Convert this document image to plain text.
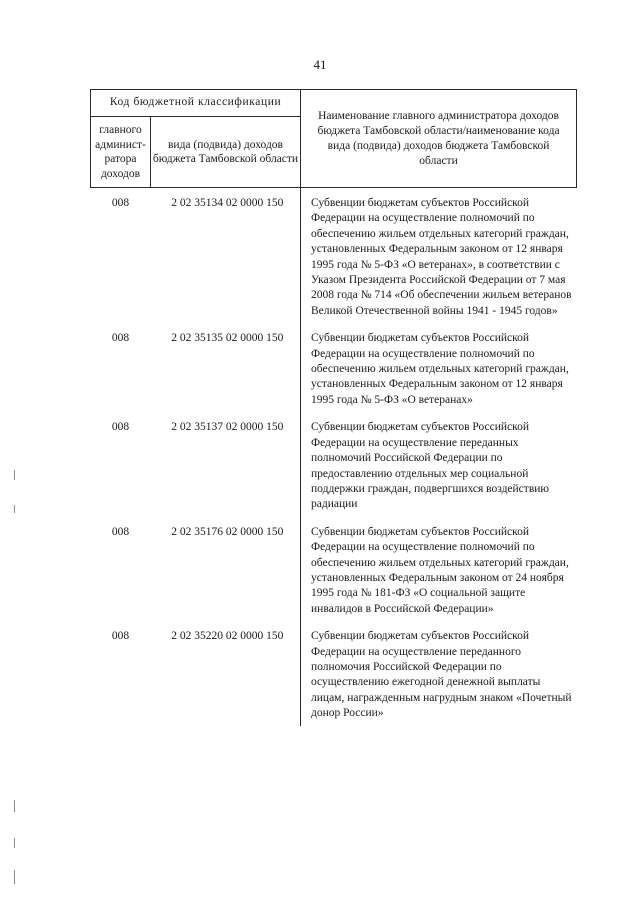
41
Код бюджетной классификации		Наименование главного администратора доходов бюджета Тамбовской области/наименование кода вида (подвида) доходов бюджета Тамбовской области
главного админист-ратора доходов	вида (подвида) доходов бюджета Тамбовской области	
008	2 02 35134 02 0000 150	Субвенции бюджетам субъектов Российской Федерации на осуществление полномочий по обеспечению жильем отдельных категорий граждан, установленных Федеральным законом от 12 января 1995 года № 5-ФЗ «О ветеранах», в соответствии с Указом Президента Российской Федерации от 7 мая 2008 года № 714 «Об обеспечении жильем ветеранов Великой Отечественной войны 1941 - 1945 годов»
008	2 02 35135 02 0000 150	Субвенции бюджетам субъектов Российской Федерации на осуществление полномочий по обеспечению жильем отдельных категорий граждан, установленных Федеральным законом от 12 января 1995 года № 5-ФЗ «О ветеранах»
008	2 02 35137 02 0000 150	Субвенции бюджетам субъектов Российской Федерации на осуществление переданных полномочий Российской Федерации по предоставлению отдельных мер социальной поддержки граждан, подвергшихся воздействию радиации
008	2 02 35176 02 0000 150	Субвенции бюджетам субъектов Российской Федерации на осуществление полномочий по обеспечению жильем отдельных категорий граждан, установленных Федеральным законом от 24 ноября 1995 года № 181-ФЗ «О социальной защите инвалидов в Российской Федерации»
008	2 02 35220 02 0000 150	Субвенции бюджетам субъектов Российской Федерации на осуществление переданного полномочия Российской Федерации по осуществлению ежегодной денежной выплаты лицам, награжденным нагрудным знаком «Почетный донор России»
